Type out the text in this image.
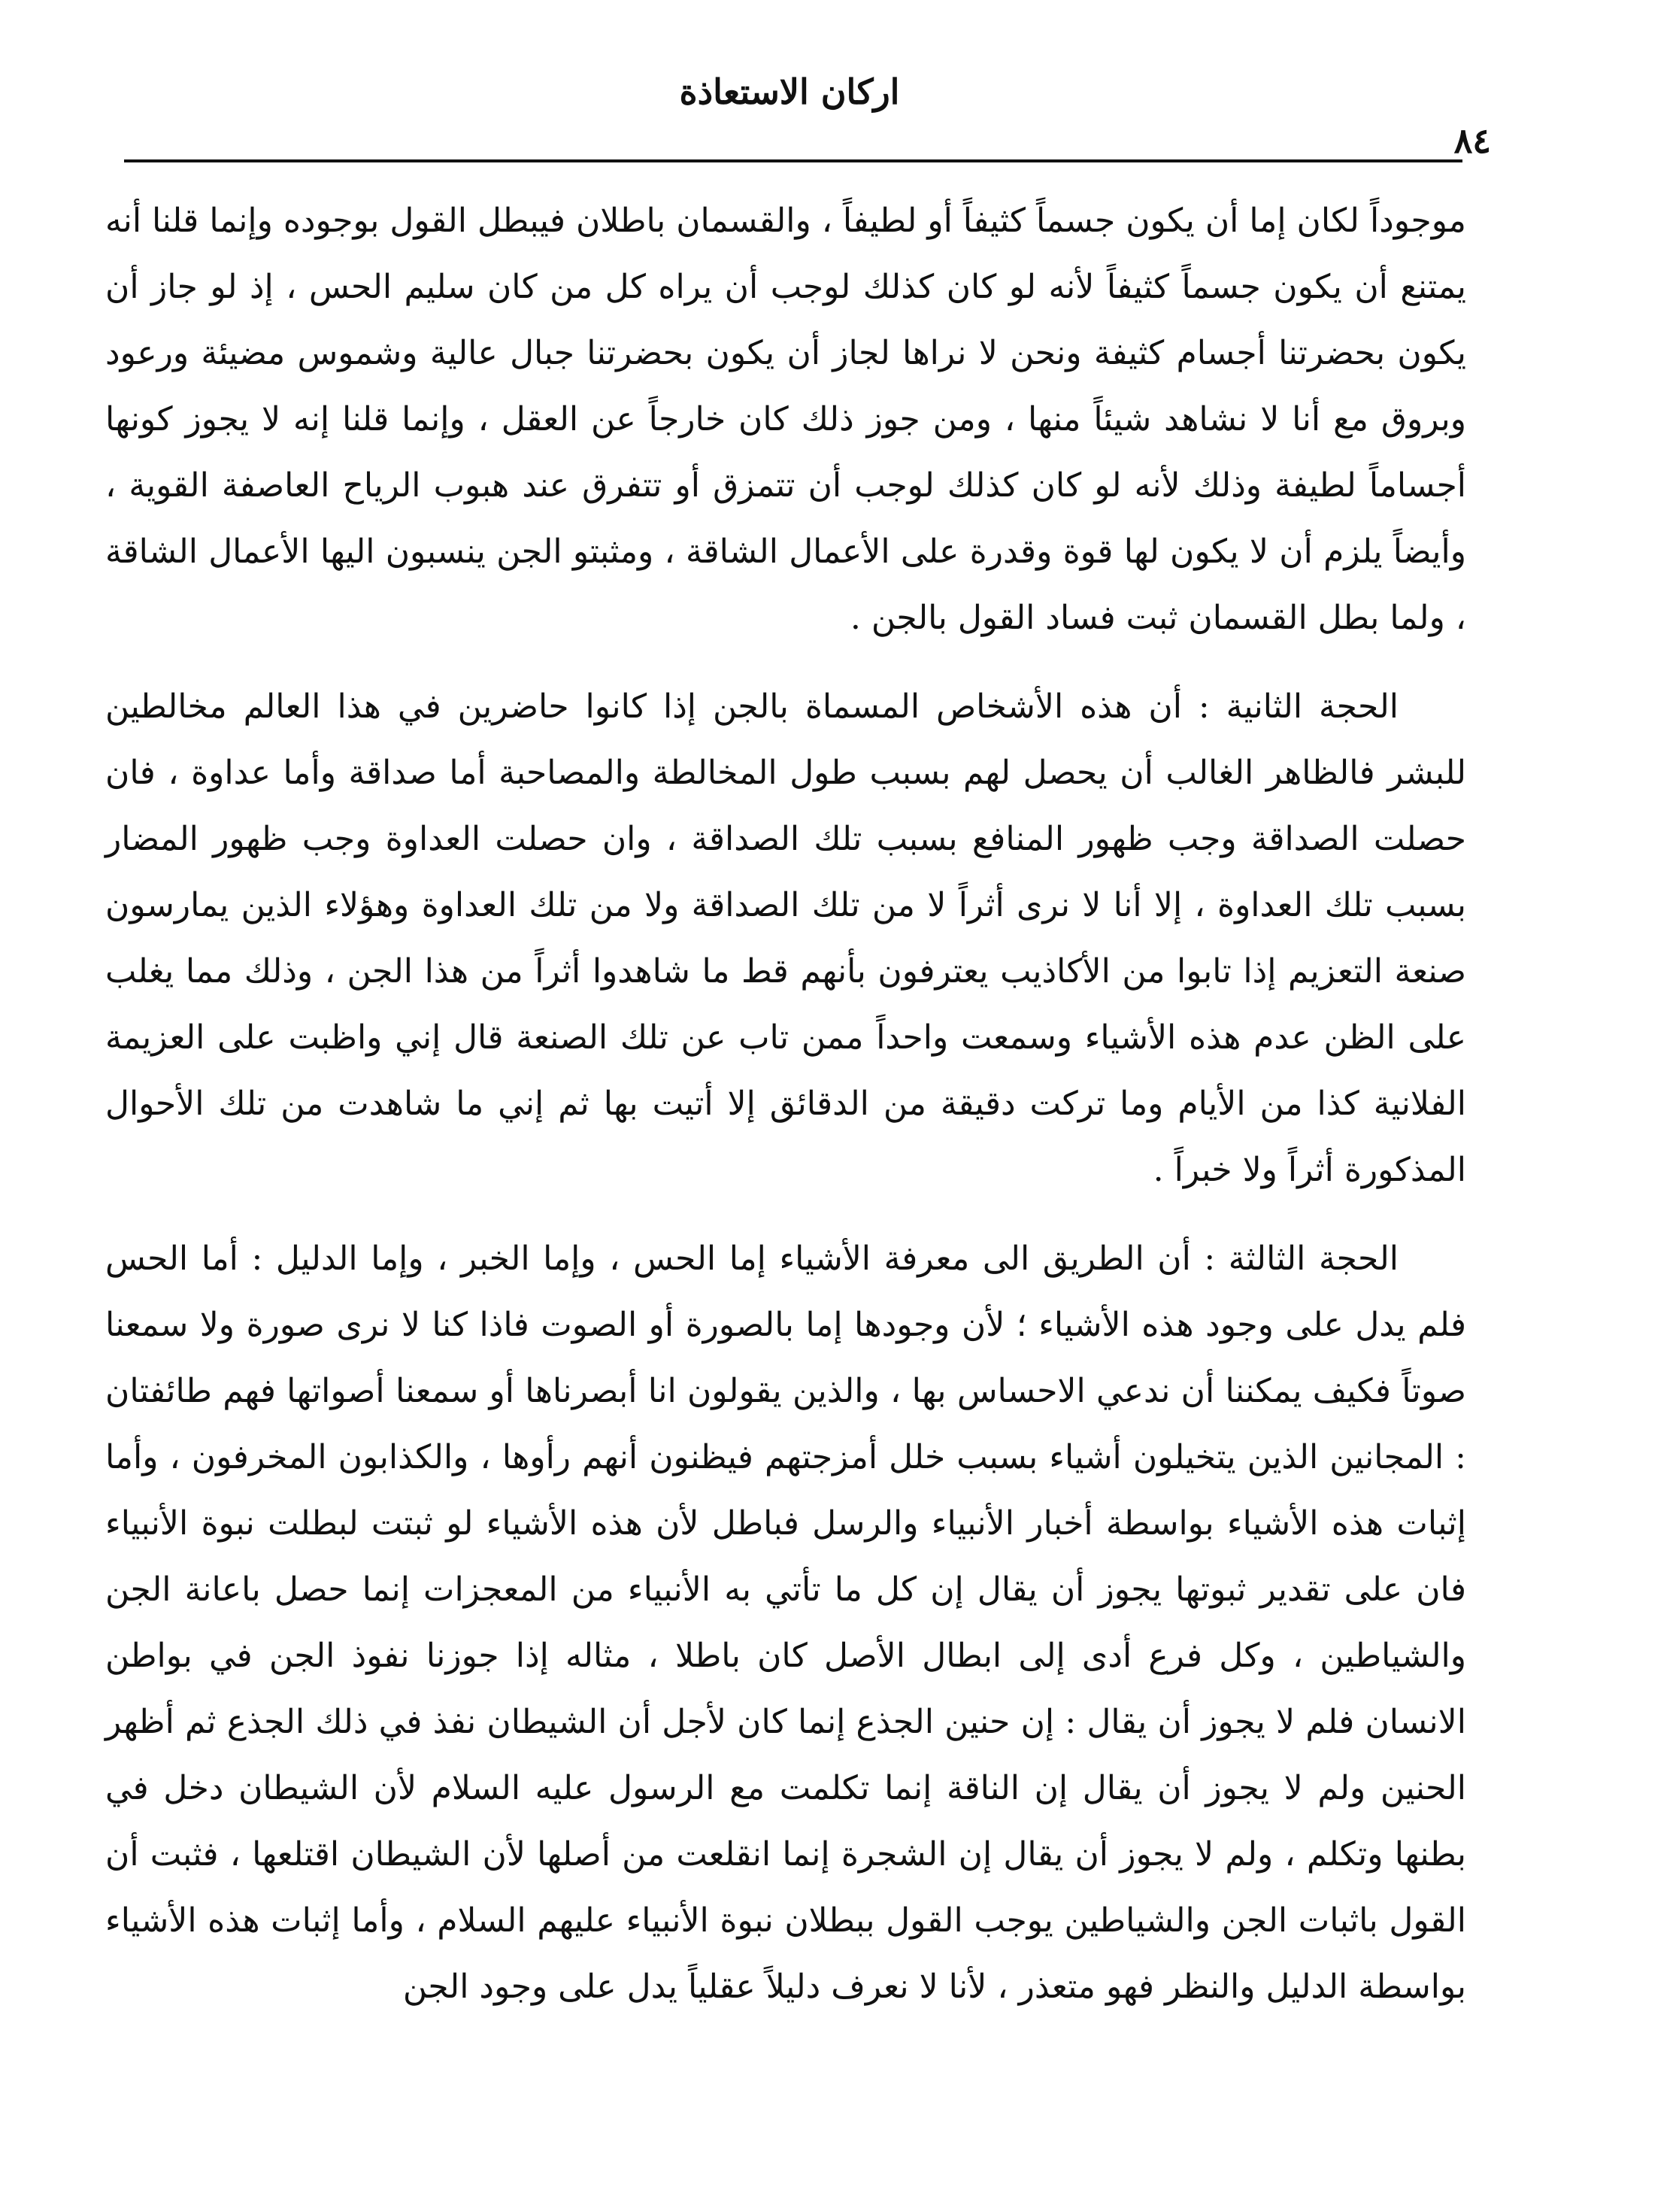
اركان الاستعاذة
٨٤

موجوداً لكان إما أن يكون جسماً كثيفاً أو لطيفاً ، والقسمان باطلان فيبطل القول بوجوده وإنما قلنا أنه يمتنع أن يكون جسماً كثيفاً لأنه لو كان كذلك لوجب أن يراه كل من كان سليم الحس ، إذ لو جاز أن يكون بحضرتنا أجسام كثيفة ونحن لا نراها لجاز أن يكون بحضرتنا جبال عالية وشموس مضيئة ورعود وبروق مع أنا لا نشاهد شيئاً منها ، ومن جوز ذلك كان خارجاً عن العقل ، وإنما قلنا إنه لا يجوز كونها أجساماً لطيفة وذلك لأنه لو كان كذلك لوجب أن تتمزق أو تتفرق عند هبوب الرياح العاصفة القوية ، وأيضاً يلزم أن لا يكون لها قوة وقدرة على الأعمال الشاقة ، ومثبتو الجن ينسبون اليها الأعمال الشاقة ، ولما بطل القسمان ثبت فساد القول بالجن .

الحجة الثانية : أن هذه الأشخاص المسماة بالجن إذا كانوا حاضرين في هذا العالم مخالطين للبشر فالظاهر الغالب أن يحصل لهم بسبب طول المخالطة والمصاحبة أما صداقة وأما عداوة ، فان حصلت الصداقة وجب ظهور المنافع بسبب تلك الصداقة ، وان حصلت العداوة وجب ظهور المضار بسبب تلك العداوة ، إلا أنا لا نرى أثراً لا من تلك الصداقة ولا من تلك العداوة وهؤلاء الذين يمارسون صنعة التعزيم إذا تابوا من الأكاذيب يعترفون بأنهم قط ما شاهدوا أثراً من هذا الجن ، وذلك مما يغلب على الظن عدم هذه الأشياء وسمعت واحداً ممن تاب عن تلك الصنعة قال إني واظبت على العزيمة الفلانية كذا من الأيام وما تركت دقيقة من الدقائق إلا أتيت بها ثم إني ما شاهدت من تلك الأحوال المذكورة أثراً ولا خبراً .

الحجة الثالثة : أن الطريق الى معرفة الأشياء إما الحس ، وإما الخبر ، وإما الدليل : أما الحس فلم يدل على وجود هذه الأشياء ؛ لأن وجودها إما بالصورة أو الصوت فاذا كنا لا نرى صورة ولا سمعنا صوتاً فكيف يمكننا أن ندعي الاحساس بها ، والذين يقولون انا أبصرناها أو سمعنا أصواتها فهم طائفتان : المجانين الذين يتخيلون أشياء بسبب خلل أمزجتهم فيظنون أنهم رأوها ، والكذابون المخرفون ، وأما إثبات هذه الأشياء بواسطة أخبار الأنبياء والرسل فباطل لأن هذه الأشياء لو ثبتت لبطلت نبوة الأنبياء فان على تقدير ثبوتها يجوز أن يقال إن كل ما تأتي به الأنبياء من المعجزات إنما حصل باعانة الجن والشياطين ، وكل فرع أدى إلى ابطال الأصل كان باطلا ، مثاله إذا جوزنا نفوذ الجن في بواطن الانسان فلم لا يجوز أن يقال : إن حنين الجذع إنما كان لأجل أن الشيطان نفذ في ذلك الجذع ثم أظهر الحنين ولم لا يجوز أن يقال إن الناقة إنما تكلمت مع الرسول عليه السلام لأن الشيطان دخل في بطنها وتكلم ، ولم لا يجوز أن يقال إن الشجرة إنما انقلعت من أصلها لأن الشيطان اقتلعها ، فثبت أن القول باثبات الجن والشياطين يوجب القول ببطلان نبوة الأنبياء عليهم السلام ، وأما إثبات هذه الأشياء بواسطة الدليل والنظر فهو متعذر ، لأنا لا نعرف دليلاً عقلياً يدل على وجود الجن
